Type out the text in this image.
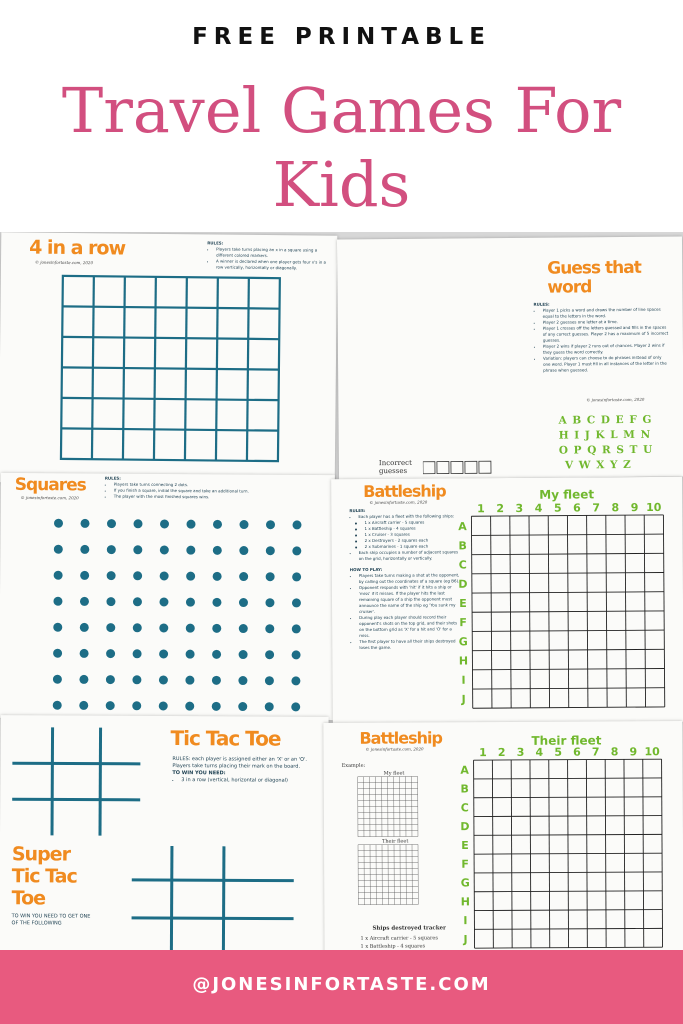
FREE PRINTABLE
Travel Games For
Kids
4 in a row
© jonesinfortaste.com, 2020
RULES:
• Players take turns placing an x in a square using a different colored markers.
• A winner is declared when one player gets four x's in a row vertically, horizontally or diagonally.	Guess that
word
RULES:
• Player 1 picks a word and draws the number of line spaces equal to the letters in the word.
• Player 2 guesses one letter at a time.
• Player 1 crosses off the letters guessed and fills in the spaces of any correct guesses. Player 2 has a maximum of 5 incorrect guesses.
• Player 2 wins if player 2 runs out of chances. Player 2 wins if they guess the word correctly.
• Variation: players can choose to do phrases instead of only one word. Player 1 must fill in all instances of the letter in the phrase when guessed.
© jonesinfortaste.com, 2020
A B C D E F G
H I J K L M N
O P Q R S T U
V W X Y Z
Incorrect guesses
Squares
© jonesinfortaste.com, 2020
RULES:
• Players take turns connecting 2 dots.
• If you finish a square, initial the square and take an additional turn.
• The player with the most finished squares wins.	Battleship
© jonesinfortaste.com, 2020
My fleet
RULES:
• Each player has a fleet with the following ships:
◦ 1 x Aircraft carrier - 5 squares
◦ 1 x Battleship - 4 squares
◦ 1 x Cruiser - 3 squares
◦ 2 x Destroyers - 2 squares each
◦ 2 x Submarines - 1 square each
• Each ship occupies a number of adjacent squares on the grid, horizontally or vertically.
HOW TO PLAY:
• Players take turns making a shot at the opponent, by calling out the coordinates of a square (eg B6).
• Opponent responds with 'hit' if it hits a ship or 'miss' if it misses. If the player hits the last remaining square of a ship the opponent must announce the name of the ship eg 'You sunk my cruiser'.
• During play each player should record their opponent's shots on the top grid, and their shots on the bottom grid as 'X' for a hit and 'O' for a miss.
• The first player to have all their ships destroyed loses the game.
1 2 3 4 5 6 7 8 9 10
A
B
C
D
E
F
G
H
I
J
Tic Tac Toe
RULES: each player is assigned either an 'X' or an 'O'. Players take turns placing their mark on the board.
TO WIN YOU NEED:
• 3 in a row (vertical, horizontal or diagonal)
Super
Tic Tac
Toe
TO WIN YOU NEED TO GET ONE
OF THE FOLLOWING
Battleship
© jonesinfortaste.com, 2020
Their fleet
Example:
My fleet
Their fleet
Ships destroyed tracker
1 x Aircraft carrier - 5 squares
1 x Battleship - 4 squares
1 2 3 4 5 6 7 8 9 10
A
B
C
D
E
F
G
H
I
J
@JONESINFORTASTE.COM
